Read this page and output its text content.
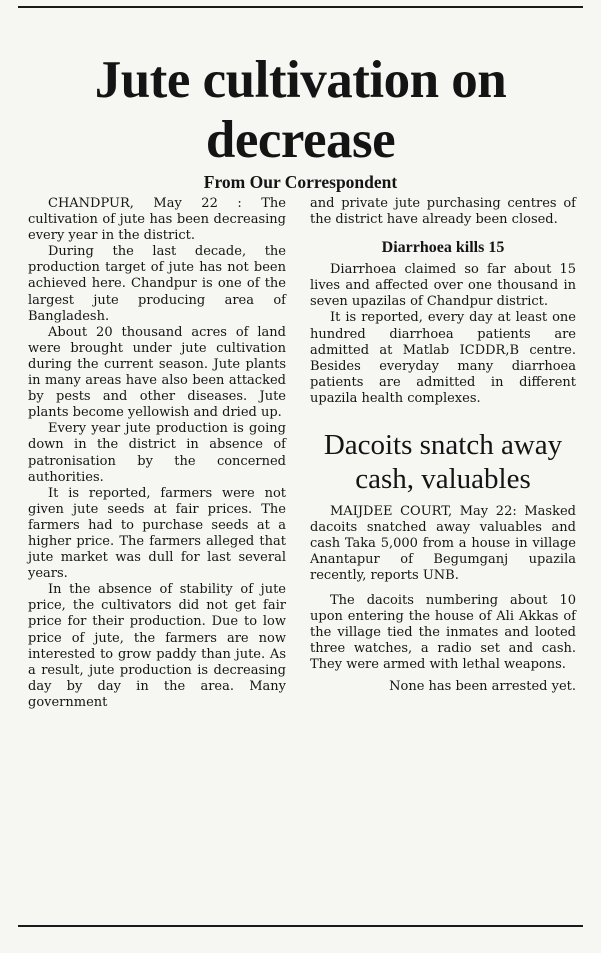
Jute cultivation on decrease
From Our Correspondent

CHANDPUR, May 22 : The cultivation of jute has been decreasing every year in the district.

During the last decade, the production target of jute has not been achieved here. Chandpur is one of the largest jute producing area of Bangladesh.

About 20 thousand acres of land were brought under jute cultivation during the current season. Jute plants in many areas have also been attacked by pests and other diseases. Jute plants become yellowish and dried up.

Every year jute production is going down in the district in absence of patronisation by the concerned authorities.

It is reported, farmers were not given jute seeds at fair prices. The farmers had to purchase seeds at a higher price. The farmers alleged that jute market was dull for last several years.

In the absence of stability of jute price, the cultivators did not get fair price for their production. Due to low price of jute, the farmers are now interested to grow paddy than jute. As a result, jute production is decreasing day by day in the area. Many government

and private jute purchasing centres of the district have already been closed.

Diarrhoea kills 15

Diarrhoea claimed so far about 15 lives and affected over one thousand in seven upazilas of Chandpur district.

It is reported, every day at least one hundred diarrhoea patients are admitted at Matlab ICDDR,B centre. Besides everyday many diarrhoea patients are admitted in different upazila health complexes.

Dacoits snatch away cash, valuables

MAIJDEE COURT, May 22: Masked dacoits snatched away valuables and cash Taka 5,000 from a house in village Anantapur of Begumganj upazila recently, reports UNB.

The dacoits numbering about 10 upon entering the house of Ali Akkas of the village tied the inmates and looted three watches, a radio set and cash. They were armed with lethal weapons.

None has been arrested yet.
